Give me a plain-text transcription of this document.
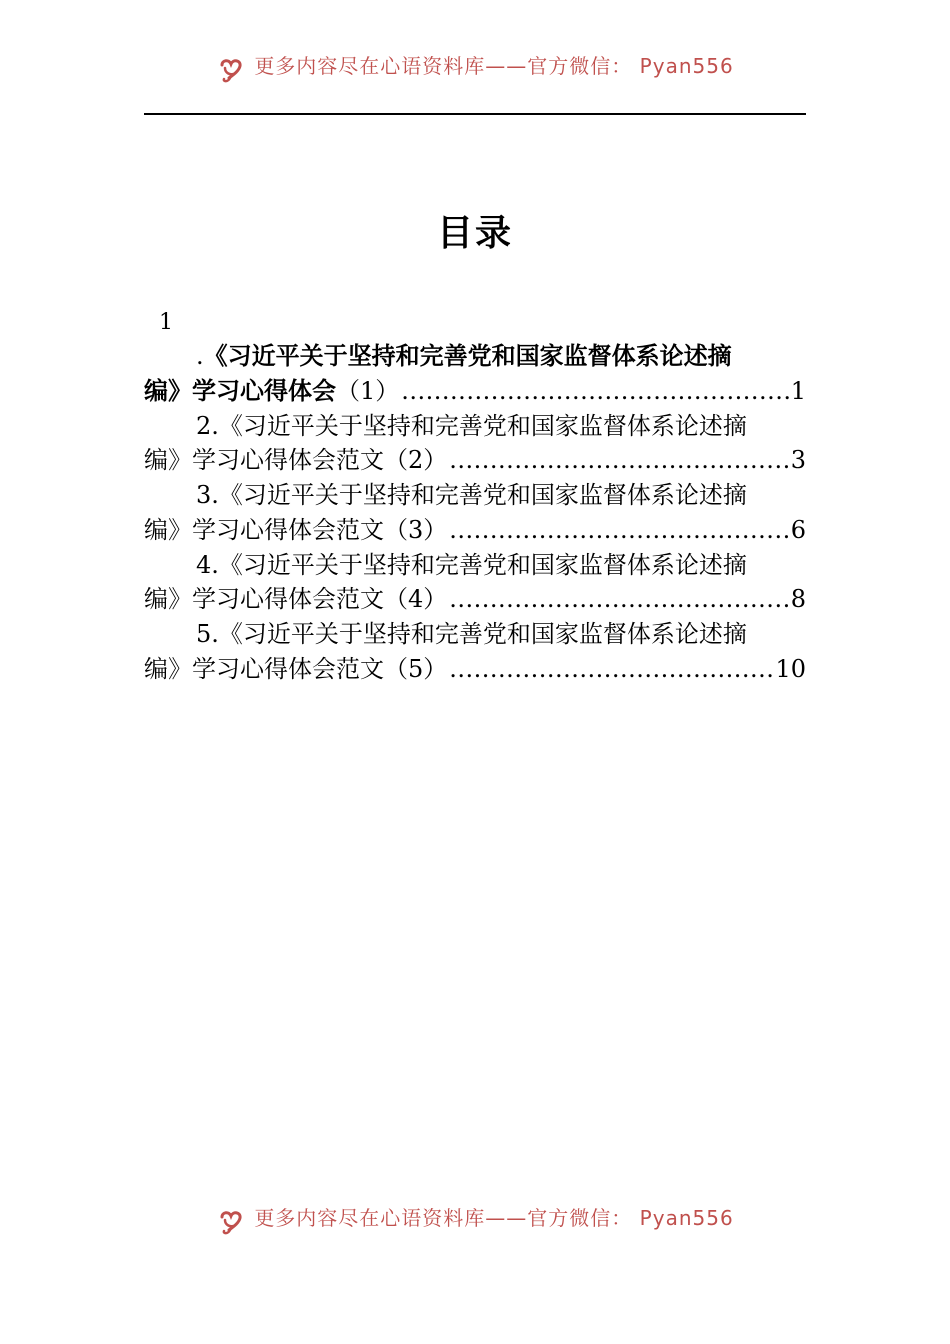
更多内容尽在心语资料库——官方微信： Pyan556
目录
1
.《习近平关于坚持和完善党和国家监督体系论述摘
编》学习心得体会 （1） .....	1
2.《习近平关于坚持和完善党和国家监督体系论述摘
编》学习心得体会范文 （2） .....	3
3.《习近平关于坚持和完善党和国家监督体系论述摘
编》学习心得体会范文 （3） .....	6
4.《习近平关于坚持和完善党和国家监督体系论述摘
编》学习心得体会范文 （4） .....	8
5.《习近平关于坚持和完善党和国家监督体系论述摘
编》学习心得体会范文 （5） .....	10
更多内容尽在心语资料库——官方微信： Pyan556
